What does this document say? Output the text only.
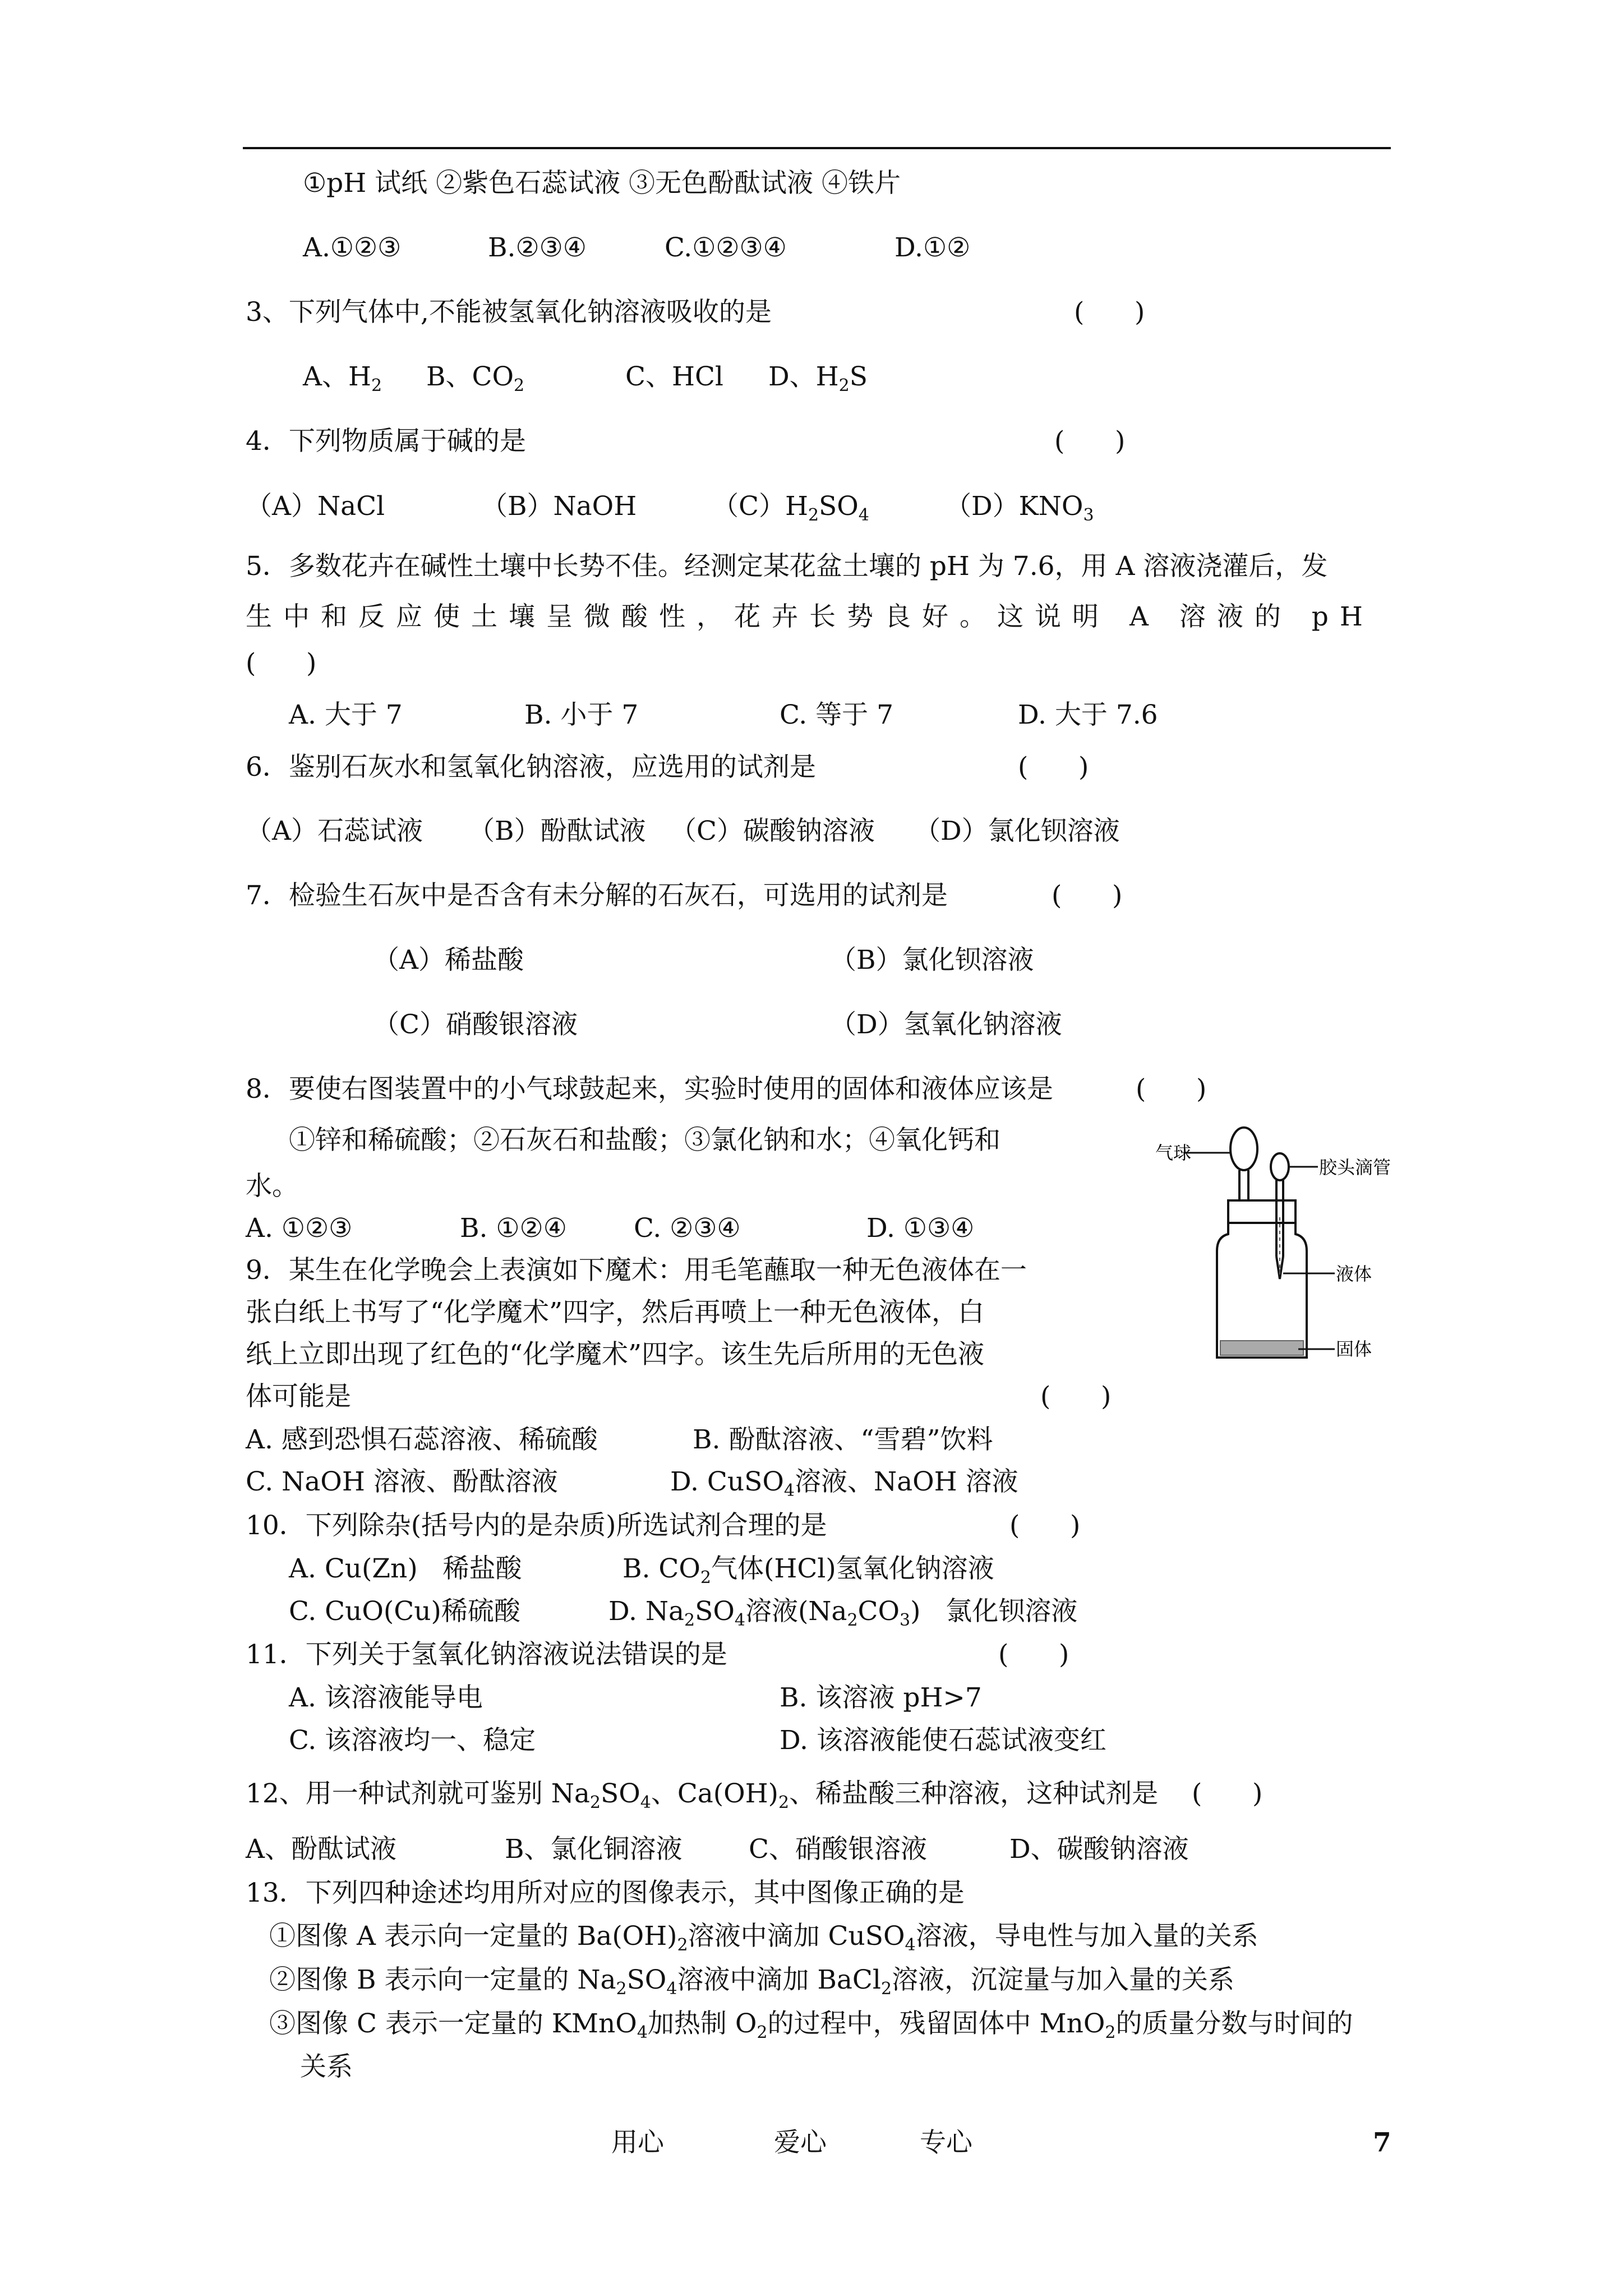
①pH 试纸 ②紫色石蕊试液 ③无色酚酞试液 ④铁片
A.①②③	B.②③④	C.①②③④	D.①②
3、下列气体中,不能被氢氧化钠溶液吸收的是	(      )
A、$H_2$ B、$CO_2$	C、HCl D、$H_2S$
4．下列物质属于碱的是	(      )
（A）NaCl	（B）NaOH	$(C)H_2SO_4$	$(D)KNO_3$
5．多数花卉在碱性土壤中长势不佳。经测定某花盆土壤的 pH 为 7.6，用 A 溶液浇灌后，发
生中和反应使土壤呈微酸性，花卉长势良好。这说明 A 溶液的 pH
(      )
A. 大于 7	B. 小于 7	C. 等于 7	D. 大于 7.6
6．鉴别石灰水和氢氧化钠溶液，应选用的试剂是	(      )
（A）石蕊试液 （B）酚酞试液 （C）碳酸钠溶液 （D）氯化钡溶液
7．检验生石灰中是否含有未分解的石灰石，可选用的试剂是	(      )
（A）稀盐酸	（B）氯化钡溶液
（C）硝酸银溶液	（D）氢氧化钠溶液
8．要使右图装置中的小气球鼓起来，实验时使用的固体和液体应该是	(      )
①锌和稀硫酸；②石灰石和盐酸；③氯化钠和水；④氧化钙和
水。
A. ①②③	B. ①②④	C. ②③④	D. ①③④
气球
胶头滴管
液体
固体
9．某生在化学晚会上表演如下魔术：用毛笔蘸取一种无色液体在一
张白纸上书写了“化学魔术”四字，然后再喷上一种无色液体，白
纸上立即出现了红色的“化学魔术”四字。该生先后所用的无色液
体可能是	(      )
A. 感到恐惧石蕊溶液、稀硫酸	B. 酚酞溶液、“雪碧”饮料
C. NaOH 溶液、酚酞溶液	D. CuSO$_4$溶液、NaOH 溶液
10．下列除杂(括号内的是杂质)所选试剂合理的是	(      )
A. Cu(Zn)   稀盐酸	B. $CO_2$气体(HCl)氢氧化钠溶液
C. CuO(Cu)稀硫酸	D. $Na_2SO_4$溶液$(Na_2CO_3)$   氯化钡溶液
11．下列关于氢氧化钠溶液说法错误的是	(      )
A. 该溶液能导电	B. 该溶液 pH>7
C. 该溶液均一、稳定	D. 该溶液能使石蕊试液变红
12、用一种试剂就可鉴别 $Na_2SO_4$、$Ca(OH)_2$、稀盐酸三种溶液，这种试剂是 (      )
A、酚酞试液	B、氯化铜溶液	C、硝酸银溶液	D、碳酸钠溶液
13．下列四种途述均用所对应的图像表示，其中图像正确的是
①图像 A 表示向一定量的 $Ba(OH)_2$溶液中滴加 CuSO$_4$溶液，导电性与加入量的关系
②图像 B 表示向一定量的 $Na_2SO_4$溶液中滴加 BaCl$_2$溶液，沉淀量与加入量的关系
③图像 C 表示一定量的 KMnO$_4$加热制 $O_2$的过程中，残留固体中 MnO$_2$的质量分数与时间的
关系
用心	爱心	专心	7
